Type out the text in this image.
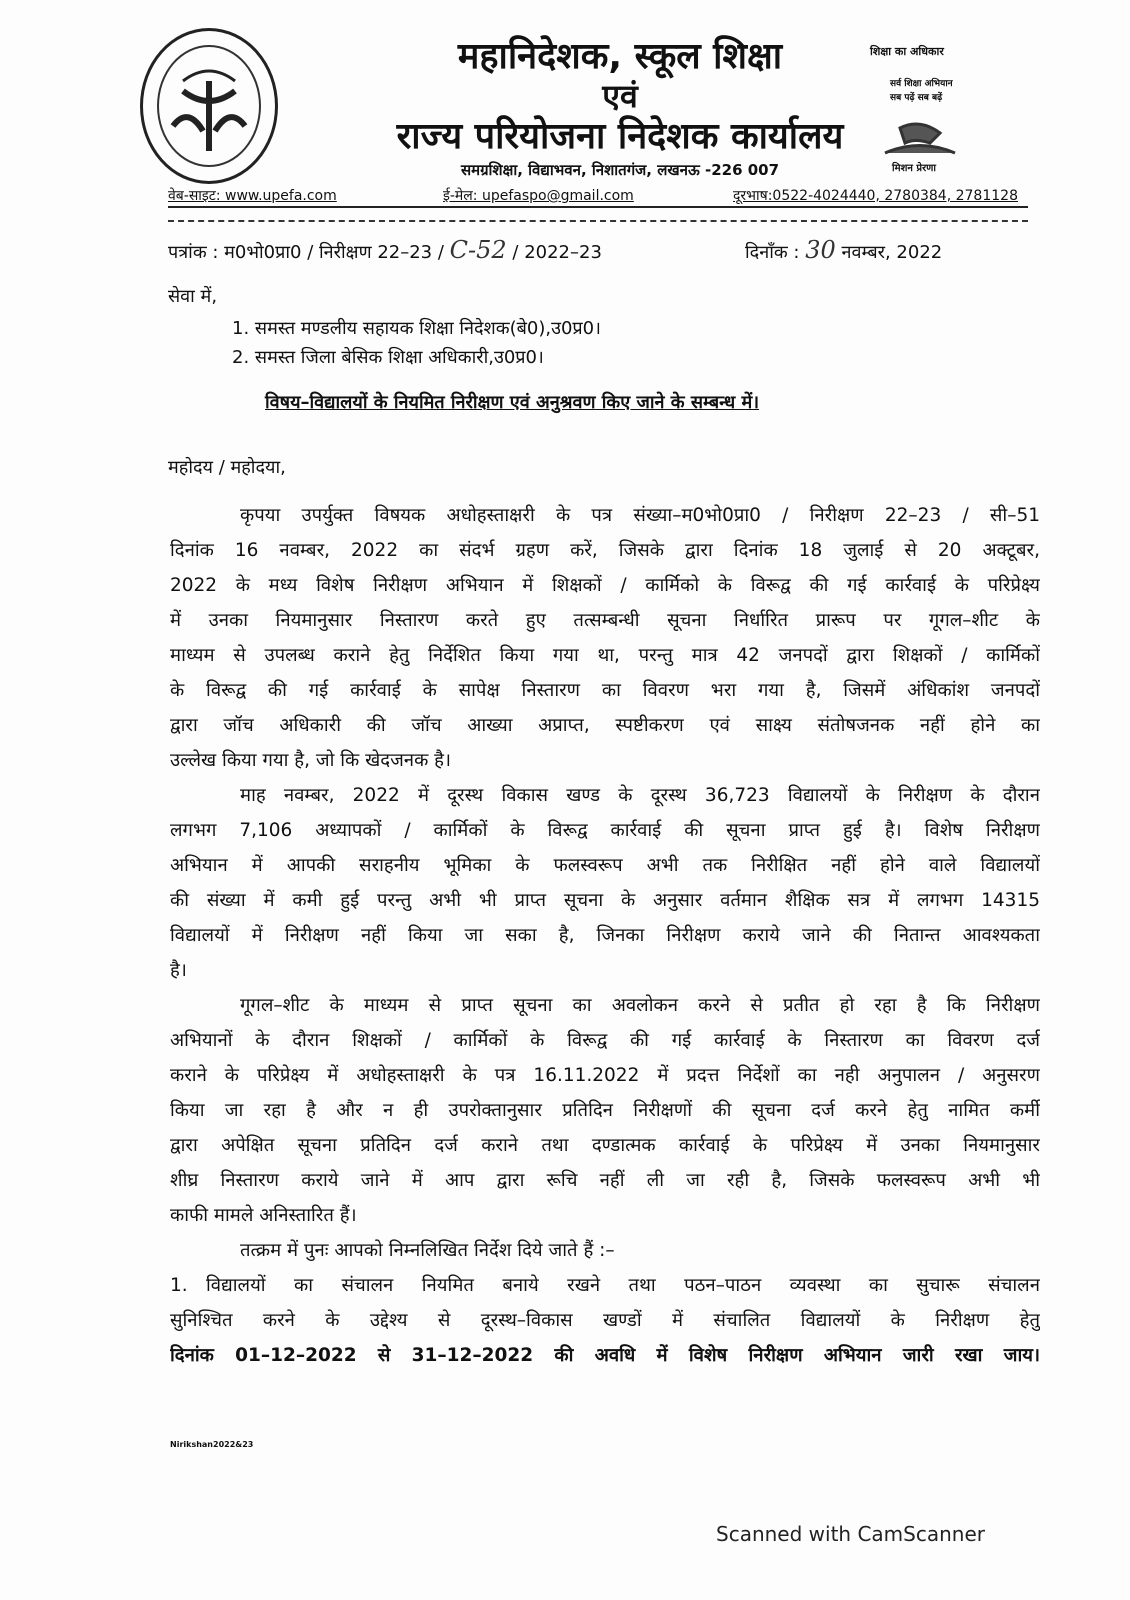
महानिदेशक, स्कूल शिक्षा
एवं
राज्य परियोजना निदेशक कार्यालय
समग्रशिक्षा, विद्याभवन, निशातगंज, लखनऊ -226 007
शिक्षा का अधिकार
सर्व शिक्षा अभियान
सब पढ़ें सब बढ़ें
मिशन प्रेरणा
वेब-साइट: www.upefa.com	ई-मेल: upefaspo@gmail.com	दूरभाष:0522-4024440, 2780384, 2781128
पत्रांक : म0भो0प्रा0 / निरीक्षण 22–23 / C-52 / 2022–23	दिनाँक : 30 नवम्बर, 2022
सेवा में,
1. समस्त मण्डलीय सहायक शिक्षा निदेशक(बे0),उ0प्र0।
2. समस्त जिला बेसिक शिक्षा अधिकारी,उ0प्र0।
विषय–विद्यालयों के नियमित निरीक्षण एवं अनुश्रवण किए जाने के सम्बन्ध में।
महोदय / महोदया,
कृपया उपर्युक्त विषयक अधोहस्ताक्षरी के पत्र संख्या–म0भो0प्रा0 / निरीक्षण 22–23 / सी–51
दिनांक 16 नवम्बर, 2022 का संदर्भ ग्रहण करें, जिसके द्वारा दिनांक 18 जुलाई से 20 अक्टूबर,
2022 के मध्य विशेष निरीक्षण अभियान में शिक्षकों / कार्मिको के विरूद्व की गई कार्रवाई के परिप्रेक्ष्य
में उनका नियमानुसार निस्तारण करते हुए तत्सम्बन्धी सूचना निर्धारित प्रारूप पर गूगल–शीट के
माध्यम से उपलब्ध कराने हेतु निर्देशित किया गया था, परन्तु मात्र 42 जनपदों द्वारा शिक्षकों / कार्मिकों
के विरूद्व की गई कार्रवाई के सापेक्ष निस्तारण का विवरण भरा गया है, जिसमें अंधिकांश जनपदों
द्वारा जॉच अधिकारी की जॉच आख्या अप्राप्त, स्पष्टीकरण एवं साक्ष्य संतोषजनक नहीं होने का
उल्लेख किया गया है, जो कि खेदजनक है।
माह नवम्बर, 2022 में दूरस्थ विकास खण्ड के दूरस्थ 36,723 विद्यालयों के निरीक्षण के दौरान
लगभग 7,106 अध्यापकों / कार्मिकों के विरूद्व कार्रवाई की सूचना प्राप्त हुई है। विशेष निरीक्षण
अभियान में आपकी सराहनीय भूमिका के फलस्वरूप अभी तक निरीक्षित नहीं होने वाले विद्यालयों
की संख्या में कमी हुई परन्तु अभी भी प्राप्त सूचना के अनुसार वर्तमान शैक्षिक सत्र में लगभग 14315
विद्यालयों में निरीक्षण नहीं किया जा सका है, जिनका निरीक्षण कराये जाने की नितान्त आवश्यकता
है।
गूगल–शीट के माध्यम से प्राप्त सूचना का अवलोकन करने से प्रतीत हो रहा है कि निरीक्षण
अभियानों के दौरान शिक्षकों / कार्मिकों के विरूद्व की गई कार्रवाई के निस्तारण का विवरण दर्ज
कराने के परिप्रेक्ष्य में अधोहस्ताक्षरी के पत्र 16.11.2022 में प्रदत्त निर्देशों का नही अनुपालन / अनुसरण
किया जा रहा है और न ही उपरोक्तानुसार प्रतिदिन निरीक्षणों की सूचना दर्ज करने हेतु नामित कर्मी
द्वारा अपेक्षित सूचना प्रतिदिन दर्ज कराने तथा दण्डात्मक कार्रवाई के परिप्रेक्ष्य में उनका नियमानुसार
शीघ्र निस्तारण कराये जाने में आप द्वारा रूचि नहीं ली जा रही है, जिसके फलस्वरूप अभी भी
काफी मामले अनिस्तारित हैं।
तत्क्रम में पुनः आपको निम्नलिखित निर्देश दिये जाते हैं :–
1. विद्यालयों का संचालन नियमित बनाये रखने तथा पठन–पाठन व्यवस्था का सुचारू संचालन
सुनिश्चित करने के उद्देश्य से दूरस्थ–विकास खण्डों में संचालित विद्यालयों के निरीक्षण हेतु
दिनांक 01–12–2022 से 31–12–2022 की अवधि में विशेष निरीक्षण अभियान जारी रखा जाय।
Nirikshan2022&23
Scanned with CamScanner
